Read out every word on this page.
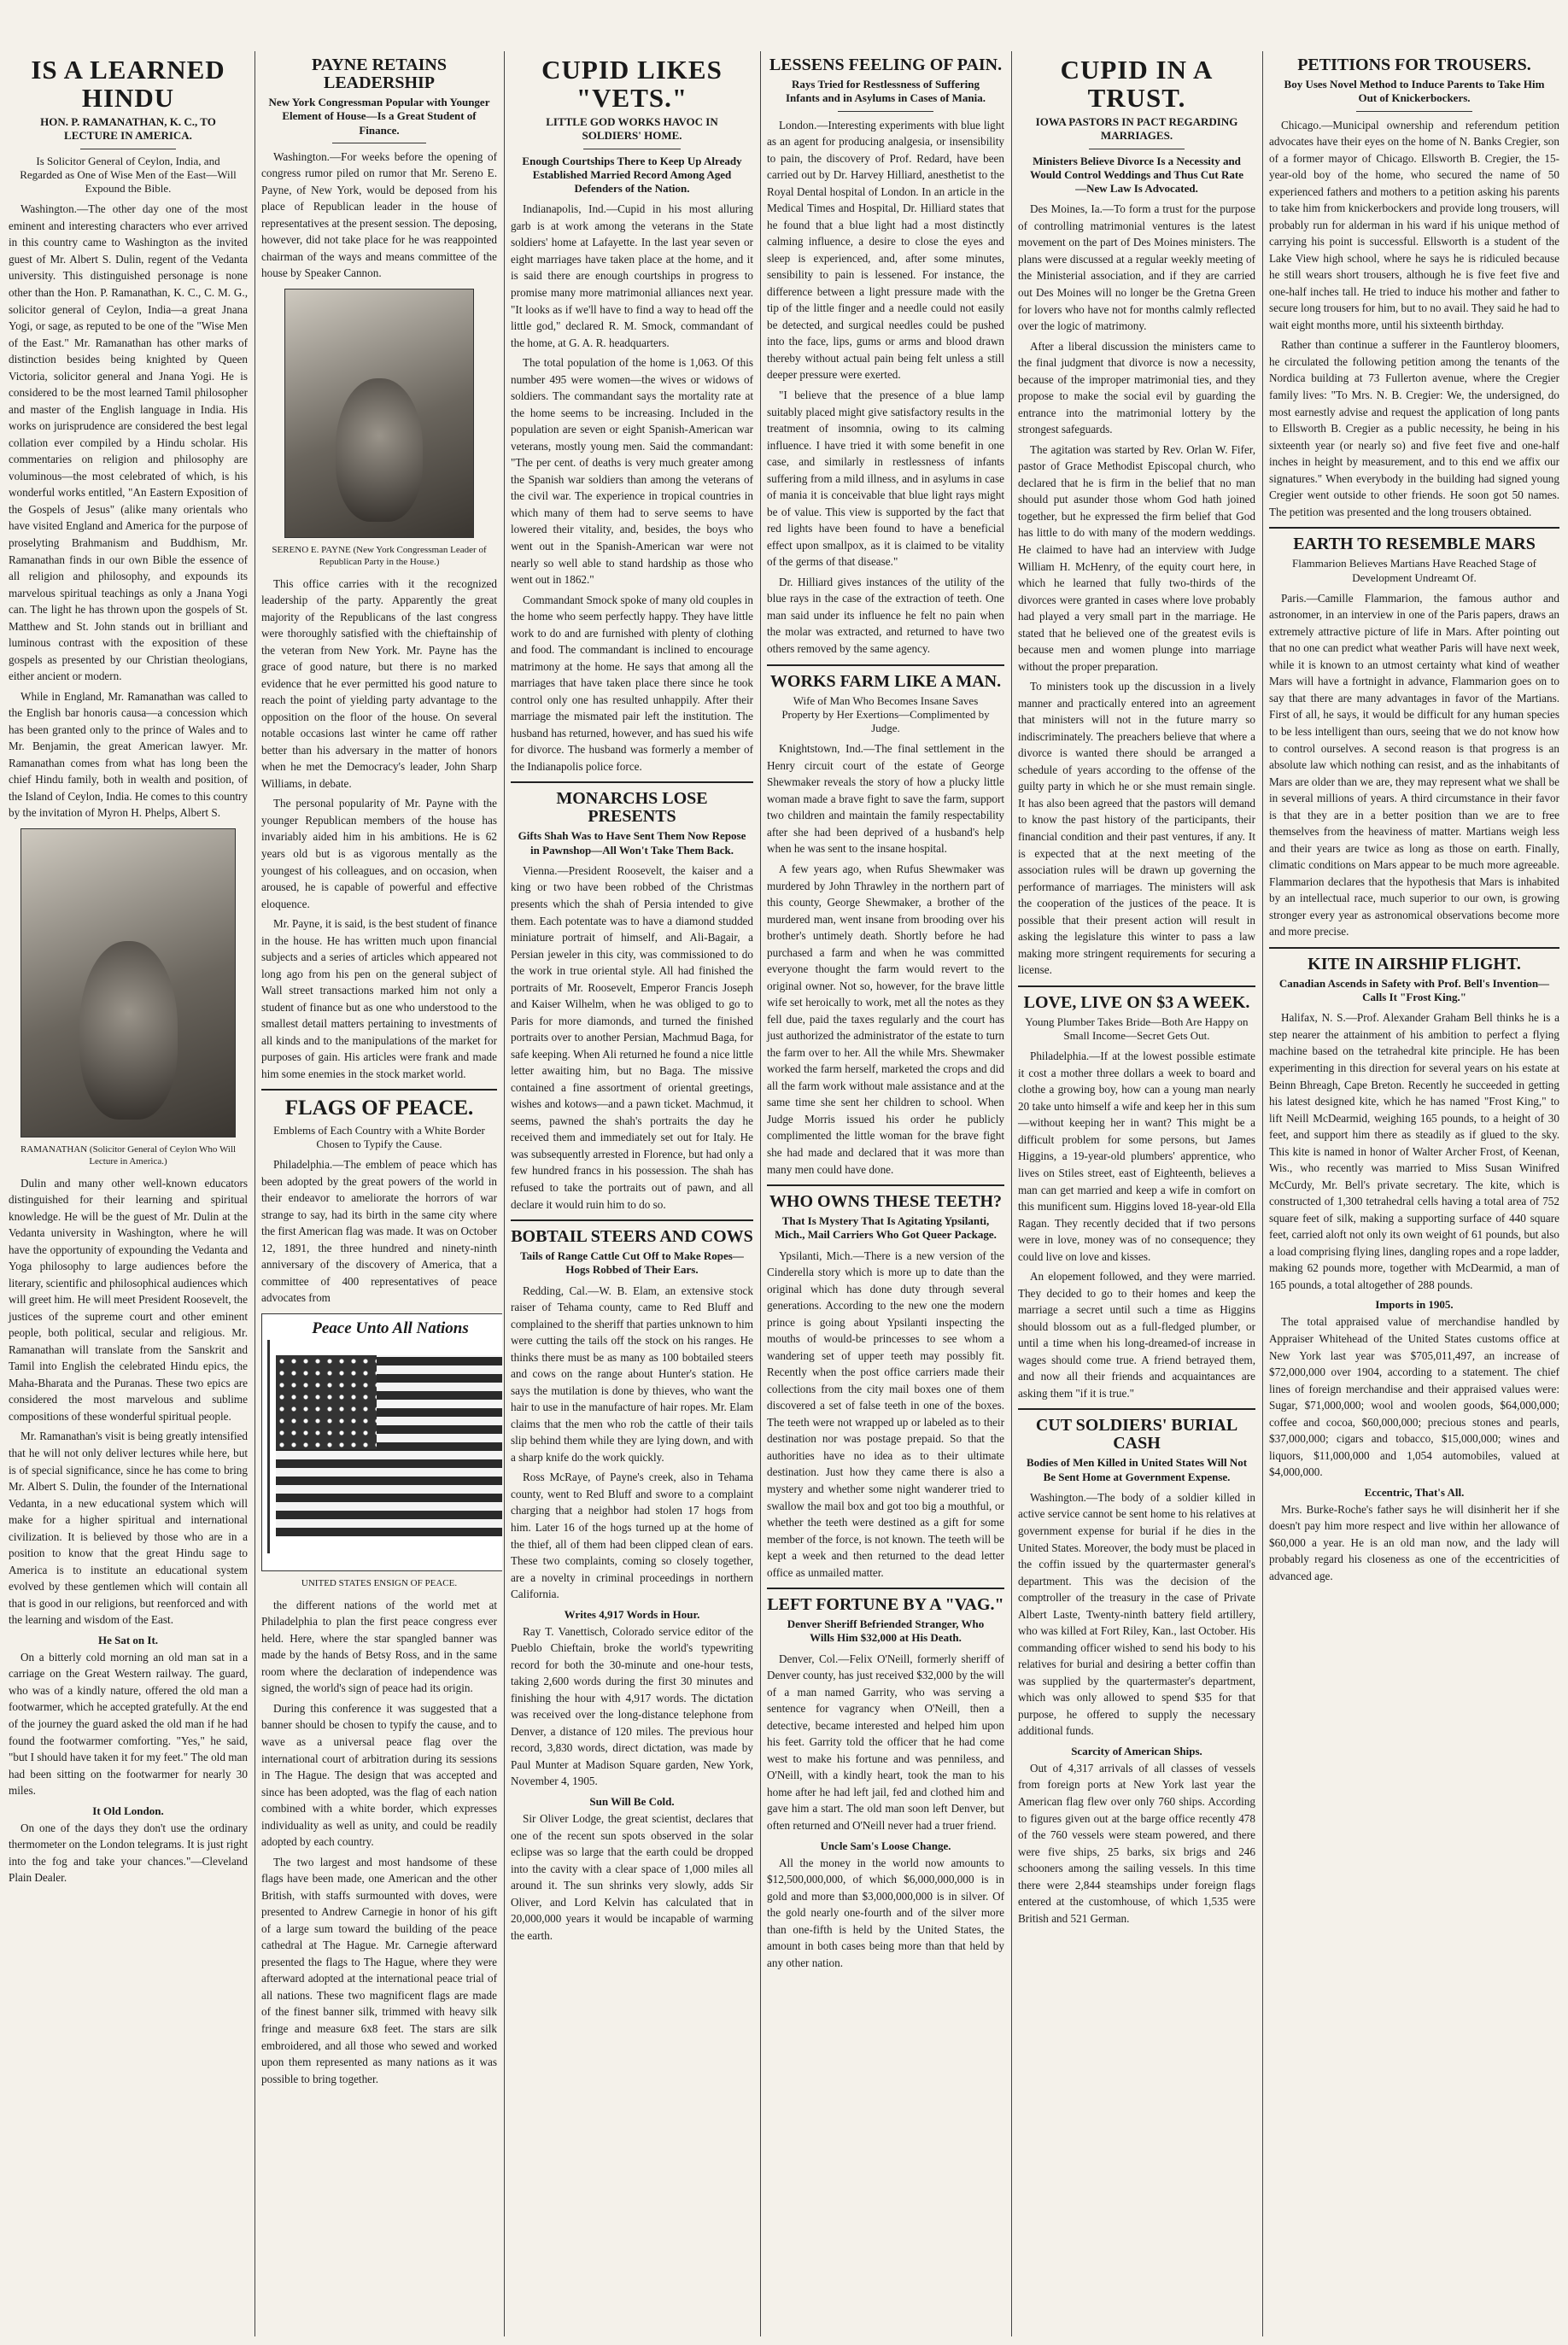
IS A LEARNED HINDU
HON. P. RAMANATHAN, K. C., TO LECTURE IN AMERICA.
Is Solicitor General of Ceylon, India, and Regarded as One of Wise Men of the East—Will Expound the Bible.

Washington.—The other day one of the most eminent and interesting characters who ever arrived in this country came to Washington as the invited guest of Mr. Albert S. Dulin, regent of the Vedanta university. This distinguished personage is none other than the Hon. P. Ramanathan, K. C., C. M. G., solicitor general of Ceylon, India—a great Jnana Yogi, or sage, as reputed to be one of the "Wise Men of the East." Mr. Ramanathan has other marks of distinction besides being knighted by Queen Victoria, solicitor general and Jnana Yogi. He is considered to be the most learned Tamil philosopher and master of the English language in India. His works on jurisprudence are considered the best legal collation ever compiled by a Hindu scholar. His commentaries on religion and philosophy are voluminous—the most celebrated of which, is his wonderful works entitled, "An Eastern Exposition of the Gospels of Jesus" (alike many orientals who have visited England and America for the purpose of proselyting Brahmanism and Buddhism, Mr. Ramanathan finds in our own Bible the essence of all religion and philosophy, and expounds its marvelous spiritual teachings as only a Jnana Yogi can. The light he has thrown upon the gospels of St. Matthew and St. John stands out in brilliant and luminous contrast with the exposition of these gospels as presented by our Christian theologians, either ancient or modern.

While in England, Mr. Ramanathan was called to the English bar honoris causa—a concession which has been granted only to the prince of Wales and to Mr. Benjamin, the great American lawyer. Mr. Ramanathan comes from what has long been the chief Hindu family, both in wealth and position, of the Island of Ceylon, India. He comes to this country by the invitation of Myron H. Phelps, Albert S.

RAMANATHAN (Solicitor General of Ceylon Who Will Lecture in America.)

Dulin and many other well-known educators distinguished for their learning and spiritual knowledge. He will be the guest of Mr. Dulin at the Vedanta university in Washington, where he will have the opportunity of expounding the Vedanta and Yoga philosophy to large audiences before the literary, scientific and philosophical audiences which will greet him. He will meet President Roosevelt, the justices of the supreme court and other eminent people, both political, secular and religious. Mr. Ramanathan will translate from the Sanskrit and Tamil into English the celebrated Hindu epics, the Maha-Bharata and the Puranas. These two epics are considered the most marvelous and sublime compositions of these wonderful spiritual people.

Mr. Ramanathan's visit is being greatly intensified that he will not only deliver lectures while here, but is of special significance, since he has come to bring Mr. Albert S. Dulin, the founder of the International Vedanta, in a new educational system which will make for a higher spiritual and international civilization. It is believed by those who are in a position to know that the great Hindu sage to America is to institute an educational system evolved by these gentlemen which will contain all that is good in our religions, but reenforced and with the learning and wisdom of the East.

He Sat on It.

On a bitterly cold morning an old man sat in a carriage on the Great Western railway. The guard, who was of a kindly nature, offered the old man a footwarmer, which he accepted gratefully. At the end of the journey the guard asked the old man if he had found the footwarmer comforting. "Yes," he said, "but I should have taken it for my feet." The old man had been sitting on the footwarmer for nearly 30 miles.

It Old London.

On one of the days they don't use the ordinary thermometer on the London telegrams. It is just right into the fog and take your chances."—Cleveland Plain Dealer.

PAYNE RETAINS LEADERSHIP
New York Congressman Popular with Younger Element of House—Is a Great Student of Finance.

Washington.—For weeks before the opening of congress rumor piled on rumor that Mr. Sereno E. Payne, of New York, would be deposed from his place of Republican leader in the house of representatives at the present session. The deposing, however, did not take place for he was reappointed chairman of the ways and means committee of the house by Speaker Cannon.

SERENO E. PAYNE (New York Congressman Leader of Republican Party in the House.)

This office carries with it the recognized leadership of the party. Apparently the great majority of the Republicans of the last congress were thoroughly satisfied with the chieftainship of the veteran from New York. Mr. Payne has the grace of good nature, but there is no marked evidence that he ever permitted his good nature to reach the point of yielding party advantage to the opposition on the floor of the house. On several notable occasions last winter he came off rather better than his adversary in the matter of honors when he met the Democracy's leader, John Sharp Williams, in debate.

The personal popularity of Mr. Payne with the younger Republican members of the house has invariably aided him in his ambitions. He is 62 years old but is as vigorous mentally as the youngest of his colleagues, and on occasion, when aroused, he is capable of powerful and effective eloquence.

Mr. Payne, it is said, is the best student of finance in the house. He has written much upon financial subjects and a series of articles which appeared not long ago from his pen on the general subject of Wall street transactions marked him not only a student of finance but as one who understood to the smallest detail matters pertaining to investments of all kinds and to the manipulations of the market for purposes of gain. His articles were frank and made him some enemies in the stock market world.

FLAGS OF PEACE.
Emblems of Each Country with a White Border Chosen to Typify the Cause.

Philadelphia.—The emblem of peace which has been adopted by the great powers of the world in their endeavor to ameliorate the horrors of war strange to say, had its birth in the same city where the first American flag was made. It was on October 12, 1891, the three hundred and ninety-ninth anniversary of the discovery of America, that a committee of 400 representatives of peace advocates from

Peace Unto All Nations
UNITED STATES ENSIGN OF PEACE.

the different nations of the world met at Philadelphia to plan the first peace congress ever held. Here, where the star spangled banner was made by the hands of Betsy Ross, and in the same room where the declaration of independence was signed, the world's sign of peace had its origin.

During this conference it was suggested that a banner should be chosen to typify the cause, and to wave as a universal peace flag over the international court of arbitration during its sessions in The Hague. The design that was accepted and since has been adopted, was the flag of each nation combined with a white border, which expresses individuality as well as unity, and could be readily adopted by each country.

The two largest and most handsome of these flags have been made, one American and the other British, with staffs surmounted with doves, were presented to Andrew Carnegie in honor of his gift of a large sum toward the building of the peace cathedral at The Hague. Mr. Carnegie afterward presented the flags to The Hague, where they were afterward adopted at the international peace trial of all nations. These two magnificent flags are made of the finest banner silk, trimmed with heavy silk fringe and measure 6x8 feet. The stars are silk embroidered, and all those who sewed and worked upon them represented as many nations as it was possible to bring together.

CUPID LIKES "VETS."
LITTLE GOD WORKS HAVOC IN SOLDIERS' HOME.
Enough Courtships There to Keep Up Already Established Married Record Among Aged Defenders of the Nation.

Indianapolis, Ind.—Cupid in his most alluring garb is at work among the veterans in the State soldiers' home at Lafayette. In the last year seven or eight marriages have taken place at the home, and it is said there are enough courtships in progress to promise many more matrimonial alliances next year. "It looks as if we'll have to find a way to head off the little god," declared R. M. Smock, commandant of the home, at G. A. R. headquarters.

The total population of the home is 1,063. Of this number 495 were women—the wives or widows of soldiers. The commandant says the mortality rate at the home seems to be increasing. Included in the population are seven or eight Spanish-American war veterans, mostly young men. Said the commandant: "The per cent. of deaths is very much greater among the Spanish war soldiers than among the veterans of the civil war. The experience in tropical countries in which many of them had to serve seems to have lowered their vitality, and, besides, the boys who went out in the Spanish-American war were not nearly so well able to stand hardship as those who went out in 1862."

Commandant Smock spoke of many old couples in the home who seem perfectly happy. They have little work to do and are furnished with plenty of clothing and food. The commandant is inclined to encourage matrimony at the home. He says that among all the marriages that have taken place there since he took control only one has resulted unhappily. After their marriage the mismated pair left the institution. The husband has returned, however, and has sued his wife for divorce. The husband was formerly a member of the Indianapolis police force.

MONARCHS LOSE PRESENTS
Gifts Shah Was to Have Sent Them Now Repose in Pawnshop—All Won't Take Them Back.

Vienna.—President Roosevelt, the kaiser and a king or two have been robbed of the Christmas presents which the shah of Persia intended to give them. Each potentate was to have a diamond studded miniature portrait of himself, and Ali-Bagair, a Persian jeweler in this city, was commissioned to do the work in true oriental style. All had finished the portraits of Mr. Roosevelt, Emperor Francis Joseph and Kaiser Wilhelm, when he was obliged to go to Paris for more diamonds, and turned the finished portraits over to another Persian, Machmud Baga, for safe keeping. When Ali returned he found a nice little letter awaiting him, but no Baga. The missive contained a fine assortment of oriental greetings, wishes and kotows—and a pawn ticket. Machmud, it seems, pawned the shah's portraits the day he received them and immediately set out for Italy. He was subsequently arrested in Florence, but had only a few hundred francs in his possession. The shah has refused to take the portraits out of pawn, and all declare it would ruin him to do so.

BOBTAIL STEERS AND COWS
Tails of Range Cattle Cut Off to Make Ropes—Hogs Robbed of Their Ears.

Redding, Cal.—W. B. Elam, an extensive stock raiser of Tehama county, came to Red Bluff and complained to the sheriff that parties unknown to him were cutting the tails off the stock on his ranges. He thinks there must be as many as 100 bobtailed steers and cows on the range about Hunter's station. He says the mutilation is done by thieves, who want the hair to use in the manufacture of hair ropes. Mr. Elam claims that the men who rob the cattle of their tails slip behind them while they are lying down, and with a sharp knife do the work quickly.

Ross McRaye, of Payne's creek, also in Tehama county, went to Red Bluff and swore to a complaint charging that a neighbor had stolen 17 hogs from him. Later 16 of the hogs turned up at the home of the thief, all of them had been clipped clean of ears. These two complaints, coming so closely together, are a novelty in criminal proceedings in northern California.

Writes 4,917 Words in Hour.

Ray T. Vanettisch, Colorado service editor of the Pueblo Chieftain, broke the world's typewriting record for both the 30-minute and one-hour tests, taking 2,600 words during the first 30 minutes and finishing the hour with 4,917 words. The dictation was received over the long-distance telephone from Denver, a distance of 120 miles. The previous hour record, 3,830 words, direct dictation, was made by Paul Munter at Madison Square garden, New York, November 4, 1905.

Sun Will Be Cold.

Sir Oliver Lodge, the great scientist, declares that one of the recent sun spots observed in the solar eclipse was so large that the earth could be dropped into the cavity with a clear space of 1,000 miles all around it. The sun shrinks very slowly, adds Sir Oliver, and Lord Kelvin has calculated that in 20,000,000 years it would be incapable of warming the earth.

LESSENS FEELING OF PAIN.
Rays Tried for Restlessness of Suffering Infants and in Asylums in Cases of Mania.

London.—Interesting experiments with blue light as an agent for producing analgesia, or insensibility to pain, the discovery of Prof. Redard, have been carried out by Dr. Harvey Hilliard, anesthetist to the Royal Dental hospital of London. In an article in the Medical Times and Hospital, Dr. Hilliard states that he found that a blue light had a most distinctly calming influence, a desire to close the eyes and sleep is experienced, and, after some minutes, sensibility to pain is lessened. For instance, the difference between a light pressure made with the tip of the little finger and a needle could not easily be detected, and surgical needles could be pushed into the face, lips, gums or arms and blood drawn thereby without actual pain being felt unless a still deeper pressure were exerted.

"I believe that the presence of a blue lamp suitably placed might give satisfactory results in the treatment of insomnia, owing to its calming influence. I have tried it with some benefit in one case, and similarly in restlessness of infants suffering from a mild illness, and in asylums in case of mania it is conceivable that blue light rays might be of value. This view is supported by the fact that red lights have been found to have a beneficial effect upon smallpox, as it is claimed to be vitality of the germs of that disease."

Dr. Hilliard gives instances of the utility of the blue rays in the case of the extraction of teeth. One man said under its influence he felt no pain when the molar was extracted, and returned to have two others removed by the same agency.

WORKS FARM LIKE A MAN.
Wife of Man Who Becomes Insane Saves Property by Her Exertions—Complimented by Judge.

Knightstown, Ind.—The final settlement in the Henry circuit court of the estate of George Shewmaker reveals the story of how a plucky little woman made a brave fight to save the farm, support two children and maintain the family respectability after she had been deprived of a husband's help when he was sent to the insane hospital.

A few years ago, when Rufus Shewmaker was murdered by John Thrawley in the northern part of this county, George Shewmaker, a brother of the murdered man, went insane from brooding over his brother's untimely death. Shortly before he had purchased a farm and when he was committed everyone thought the farm would revert to the original owner. Not so, however, for the brave little wife set heroically to work, met all the notes as they fell due, paid the taxes regularly and the court has just authorized the administrator of the estate to turn the farm over to her. All the while Mrs. Shewmaker worked the farm herself, marketed the crops and did all the farm work without male assistance and at the same time she sent her children to school. When Judge Morris issued his order he publicly complimented the little woman for the brave fight she had made and declared that it was more than many men could have done.

WHO OWNS THESE TEETH?
That Is Mystery That Is Agitating Ypsilanti, Mich., Mail Carriers Who Got Queer Package.

Ypsilanti, Mich.—There is a new version of the Cinderella story which is more up to date than the original which has done duty through several generations. According to the new one the modern prince is going about Ypsilanti inspecting the mouths of would-be princesses to see whom a wandering set of upper teeth may possibly fit. Recently when the post office carriers made their collections from the city mail boxes one of them discovered a set of false teeth in one of the boxes. The teeth were not wrapped up or labeled as to their destination nor was postage prepaid. So that the authorities have no idea as to their ultimate destination. Just how they came there is also a mystery and whether some night wanderer tried to swallow the mail box and got too big a mouthful, or whether the teeth were destined as a gift for some member of the force, is not known. The teeth will be kept a week and then returned to the dead letter office as unmailed matter.

LEFT FORTUNE BY A "VAG."
Denver Sheriff Befriended Stranger, Who Wills Him $32,000 at His Death.

Denver, Col.—Felix O'Neill, formerly sheriff of Denver county, has just received $32,000 by the will of a man named Garrity, who was serving a sentence for vagrancy when O'Neill, then a detective, became interested and helped him upon his feet. Garrity told the officer that he had come west to make his fortune and was penniless, and O'Neill, with a kindly heart, took the man to his home after he had left jail, fed and clothed him and gave him a start. The old man soon left Denver, but often returned and O'Neill never had a truer friend.

Uncle Sam's Loose Change.

All the money in the world now amounts to $12,500,000,000, of which $6,000,000,000 is in gold and more than $3,000,000,000 is in silver. Of the gold nearly one-fourth and of the silver more than one-fifth is held by the United States, the amount in both cases being more than that held by any other nation.

CUPID IN A TRUST.
IOWA PASTORS IN PACT REGARDING MARRIAGES.
Ministers Believe Divorce Is a Necessity and Would Control Weddings and Thus Cut Rate—New Law Is Advocated.

Des Moines, Ia.—To form a trust for the purpose of controlling matrimonial ventures is the latest movement on the part of Des Moines ministers. The plans were discussed at a regular weekly meeting of the Ministerial association, and if they are carried out Des Moines will no longer be the Gretna Green for lovers who have not for months calmly reflected over the logic of matrimony.

After a liberal discussion the ministers came to the final judgment that divorce is now a necessity, because of the improper matrimonial ties, and they propose to make the social evil by guarding the entrance into the matrimonial lottery by the strongest safeguards.

The agitation was started by Rev. Orlan W. Fifer, pastor of Grace Methodist Episcopal church, who declared that he is firm in the belief that no man should put asunder those whom God hath joined together, but he expressed the firm belief that God has little to do with many of the modern weddings. He claimed to have had an interview with Judge William H. McHenry, of the equity court here, in which he learned that fully two-thirds of the divorces were granted in cases where love probably had played a very small part in the marriage. He stated that he believed one of the greatest evils is because men and women plunge into marriage without the proper preparation.

To ministers took up the discussion in a lively manner and practically entered into an agreement that ministers will not in the future marry so indiscriminately. The preachers believe that where a divorce is wanted there should be arranged a schedule of years according to the offense of the guilty party in which he or she must remain single. It has also been agreed that the pastors will demand to know the past history of the participants, their financial condition and their past ventures, if any. It is expected that at the next meeting of the association rules will be drawn up governing the performance of marriages. The ministers will ask the cooperation of the justices of the peace. It is possible that their present action will result in asking the legislature this winter to pass a law making more stringent requirements for securing a license.

LOVE, LIVE ON $3 A WEEK.
Young Plumber Takes Bride—Both Are Happy on Small Income—Secret Gets Out.

Philadelphia.—If at the lowest possible estimate it cost a mother three dollars a week to board and clothe a growing boy, how can a young man nearly 20 take unto himself a wife and keep her in this sum—without keeping her in want? This might be a difficult problem for some persons, but James Higgins, a 19-year-old plumbers' apprentice, who lives on Stiles street, east of Eighteenth, believes a man can get married and keep a wife in comfort on this munificent sum. Higgins loved 18-year-old Ella Ragan. They recently decided that if two persons were in love, money was of no consequence; they could live on love and kisses.

An elopement followed, and they were married. They decided to go to their homes and keep the marriage a secret until such a time as Higgins should blossom out as a full-fledged plumber, or until a time when his long-dreamed-of increase in wages should come true. A friend betrayed them, and now all their friends and acquaintances are asking them "if it is true."

CUT SOLDIERS' BURIAL CASH
Bodies of Men Killed in United States Will Not Be Sent Home at Government Expense.

Washington.—The body of a soldier killed in active service cannot be sent home to his relatives at government expense for burial if he dies in the United States. Moreover, the body must be placed in the coffin issued by the quartermaster general's department. This was the decision of the comptroller of the treasury in the case of Private Albert Laste, Twenty-ninth battery field artillery, who was killed at Fort Riley, Kan., last October. His commanding officer wished to send his body to his relatives for burial and desiring a better coffin than was supplied by the quartermaster's department, which was only allowed to spend $35 for that purpose, he offered to supply the necessary additional funds.

Scarcity of American Ships.

Out of 4,317 arrivals of all classes of vessels from foreign ports at New York last year the American flag flew over only 760 ships. According to figures given out at the barge office recently 478 of the 760 vessels were steam powered, and there were five ships, 25 barks, six brigs and 246 schooners among the sailing vessels. In this time there were 2,844 steamships under foreign flags entered at the customhouse, of which 1,535 were British and 521 German.

PETITIONS FOR TROUSERS.
Boy Uses Novel Method to Induce Parents to Take Him Out of Knickerbockers.

Chicago.—Municipal ownership and referendum petition advocates have their eyes on the home of N. Banks Cregier, son of a former mayor of Chicago. Ellsworth B. Cregier, the 15-year-old boy of the home, who secured the name of 50 experienced fathers and mothers to a petition asking his parents to take him from knickerbockers and provide long trousers, will probably run for alderman in his ward if his unique method of carrying his point is successful. Ellsworth is a student of the Lake View high school, where he says he is ridiculed because he still wears short trousers, although he is five feet five and one-half inches tall. He tried to induce his mother and father to secure long trousers for him, but to no avail. They said he had to wait eight months more, until his sixteenth birthday.

Rather than continue a sufferer in the Fauntleroy bloomers, he circulated the following petition among the tenants of the Nordica building at 73 Fullerton avenue, where the Cregier family lives: "To Mrs. N. B. Cregier: We, the undersigned, do most earnestly advise and request the application of long pants to Ellsworth B. Cregier as a public necessity, he being in his sixteenth year (or nearly so) and five feet five and one-half inches in height by measurement, and to this end we affix our signatures." When everybody in the building had signed young Cregier went outside to other friends. He soon got 50 names. The petition was presented and the long trousers obtained.

EARTH TO RESEMBLE MARS
Flammarion Believes Martians Have Reached Stage of Development Undreamt Of.

Paris.—Camille Flammarion, the famous author and astronomer, in an interview in one of the Paris papers, draws an extremely attractive picture of life in Mars. After pointing out that no one can predict what weather Paris will have next week, while it is known to an utmost certainty what kind of weather Mars will have a fortnight in advance, Flammarion goes on to say that there are many advantages in favor of the Martians. First of all, he says, it would be difficult for any human species to be less intelligent than ours, seeing that we do not know how to control ourselves. A second reason is that progress is an absolute law which nothing can resist, and as the inhabitants of Mars are older than we are, they may represent what we shall be in several millions of years. A third circumstance in their favor is that they are in a better position than we are to free themselves from the heaviness of matter. Martians weigh less and their years are twice as long as those on earth. Finally, climatic conditions on Mars appear to be much more agreeable. Flammarion declares that the hypothesis that Mars is inhabited by an intellectual race, much superior to our own, is growing stronger every year as astronomical observations become more and more precise.

KITE IN AIRSHIP FLIGHT.
Canadian Ascends in Safety with Prof. Bell's Invention—Calls It "Frost King."

Halifax, N. S.—Prof. Alexander Graham Bell thinks he is a step nearer the attainment of his ambition to perfect a flying machine based on the tetrahedral kite principle. He has been experimenting in this direction for several years on his estate at Beinn Bhreagh, Cape Breton. Recently he succeeded in getting his latest designed kite, which he has named "Frost King," to lift Neill McDearmid, weighing 165 pounds, to a height of 30 feet, and support him there as steadily as if glued to the sky. This kite is named in honor of Walter Archer Frost, of Keenan, Wis., who recently was married to Miss Susan Winifred McCurdy, Mr. Bell's private secretary. The kite, which is constructed of 1,300 tetrahedral cells having a total area of 752 square feet of silk, making a supporting surface of 440 square feet, carried aloft not only its own weight of 61 pounds, but also a load comprising flying lines, dangling ropes and a rope ladder, making 62 pounds more, together with McDearmid, a man of 165 pounds, a total altogether of 288 pounds.

Imports in 1905.

The total appraised value of merchandise handled by Appraiser Whitehead of the United States customs office at New York last year was $705,011,497, an increase of $72,000,000 over 1904, according to a statement. The chief lines of foreign merchandise and their appraised values were: Sugar, $71,000,000; wool and woolen goods, $64,000,000; coffee and cocoa, $60,000,000; precious stones and pearls, $37,000,000; cigars and tobacco, $15,000,000; wines and liquors, $11,000,000 and 1,054 automobiles, valued at $4,000,000.

Eccentric, That's All.

Mrs. Burke-Roche's father says he will disinherit her if she doesn't pay him more respect and live within her allowance of $60,000 a year. He is an old man now, and the lady will probably regard his closeness as one of the eccentricities of advanced age.
